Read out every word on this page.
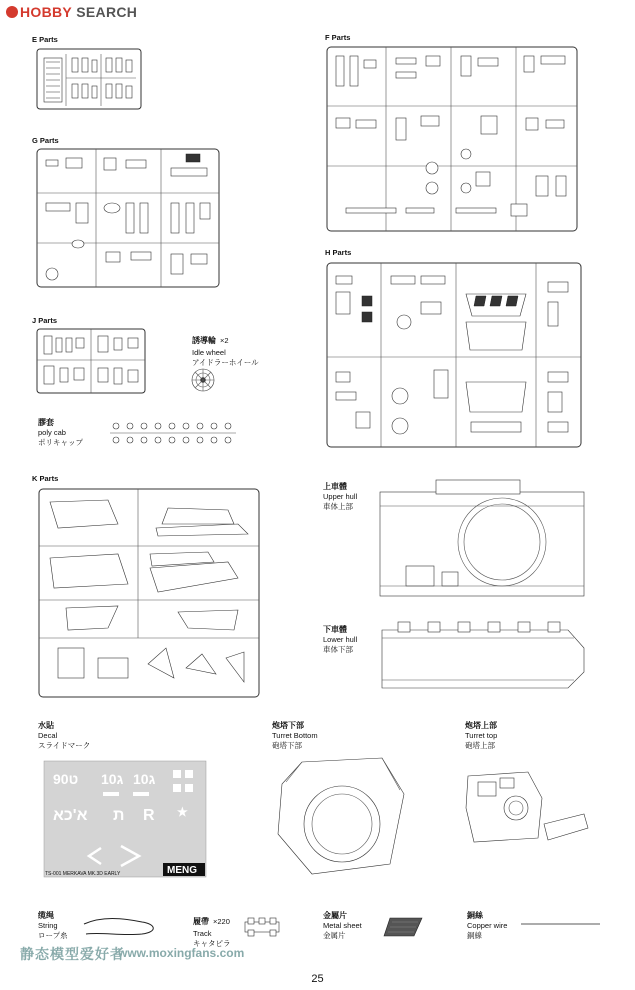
HOBBY SEARCH
E Parts	F Parts
G Parts
H Parts
J Parts
K Parts
誘導輪 ×2
Idle wheel
アイドラーホイール
膠套
poly cab
ポリキャップ
上車體
Upper hull
車体上部
下車體
Lower hull
車体下部
水貼
Decal
スライドマーク
ט90 ג10 ג10
א'כא ת R ★
TS-001 MERKAVA MK.3D EARLY	MENG
炮塔下部
Turret Bottom
砲塔下部
炮塔上部
Turret top
砲塔上部
缆绳
String
ロープ糸
履帶 ×220
Track
キャタピラ
金屬片
Metal sheet
金属片
銅絲
Copper wire
銅線
静态模型爱好者
www.moxingfans.com
25
